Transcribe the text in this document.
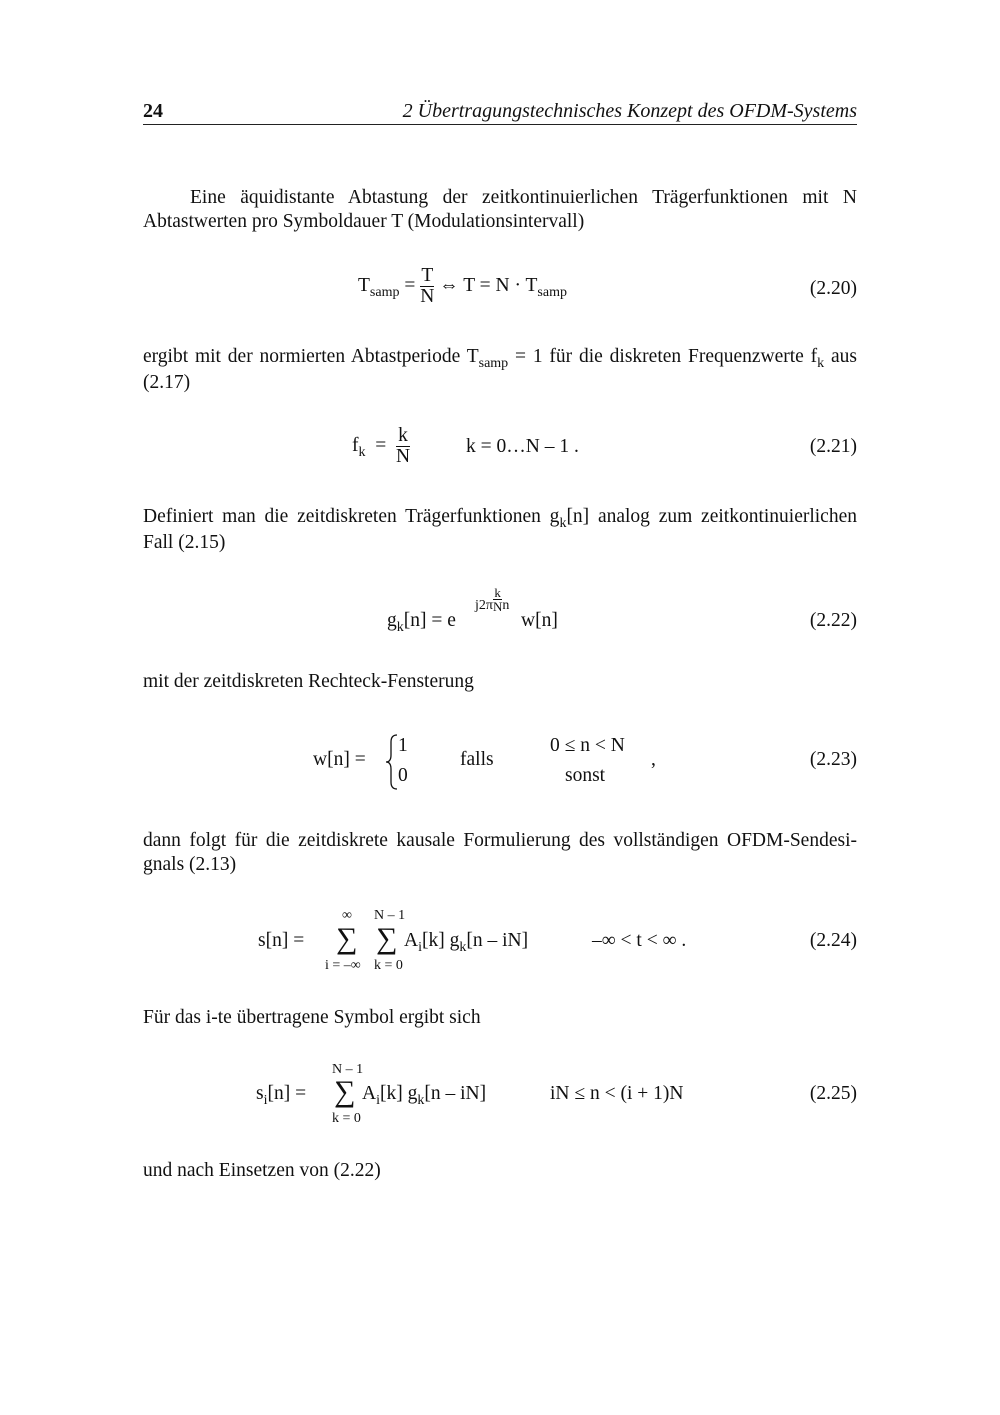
24	2 Übertragungstechnisches Konzept des OFDM-Systems
Eine äquidistante Abtastung der zeitkontinuierlichen Trägerfunktionen mit N
Abtastwerten pro Symboldauer T (Modulationsintervall)
$T_{samp} = \frac{T}{N}$ ⇔ $T = N \cdot T_{samp}$	(2.20)
ergibt mit der normierten Abtastperiode $T_{samp} = 1$ für die diskreten Frequenzwerte $f_k$ aus
(2.17)
$f_k = \frac{k}{N}$	k = 0…N – 1 .	(2.21)
Definiert man die zeitdiskreten Trägerfunktionen $g_k[n]$ analog zum zeitkontinuierlichen
Fall (2.15)
$g_k[n] = e$
$j2\pi \frac{k}{N}$ n
w[n]	(2.22)
mit der zeitdiskreten Rechteck-Fensterung
w[n] =
1
0
falls
0 ≤ n < N
sonst
,	(2.23)
dann folgt für die zeitdiskrete kausale Formulierung des vollständigen OFDM-Sendesi-
gnals (2.13)
s[n] =
∞
∑
i = –∞
N – 1
∑
k = 0
$A_i[k]$ $g_k[n - iN]$	–∞ < t < ∞ .	(2.24)
Für das i-te übertragene Symbol ergibt sich
$s_i[n]$ =
N – 1
∑
k = 0
$A_i[k]$ $g_k[n - iN]$	iN ≤ n < (i + 1)N	(2.25)
und nach Einsetzen von (2.22)
